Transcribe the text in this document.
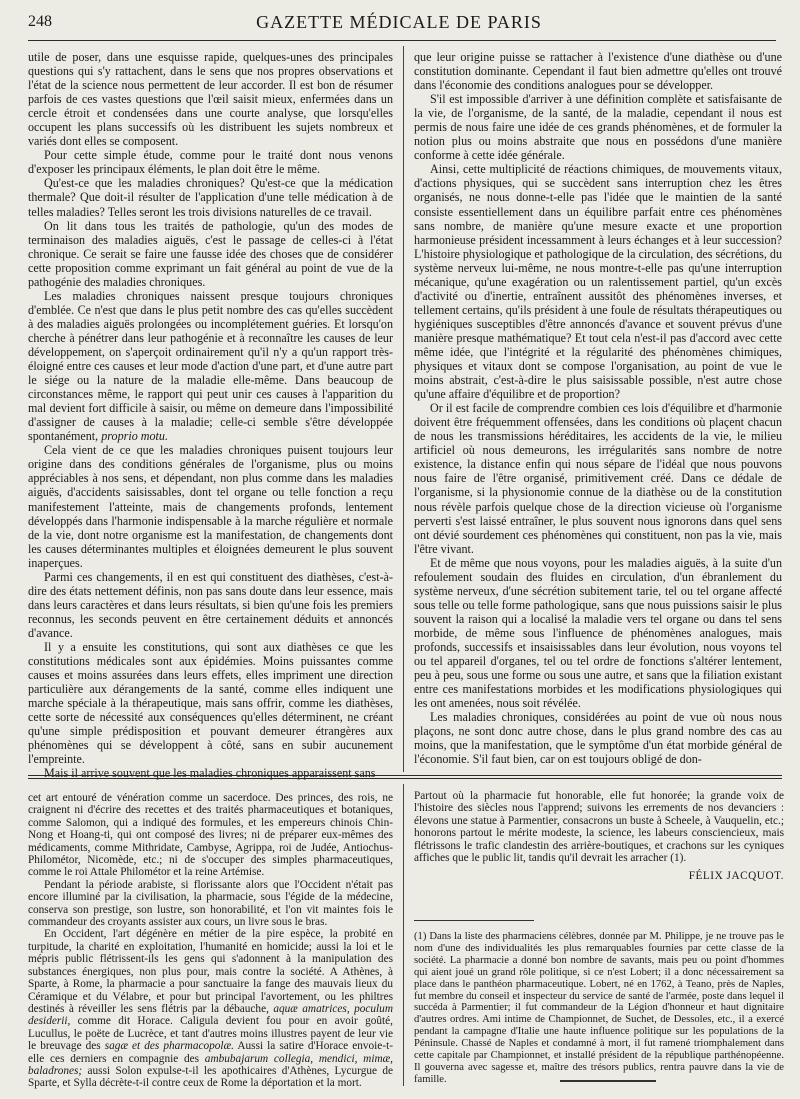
248	GAZETTE MÉDICALE DE PARIS

utile de poser, dans une esquisse rapide, quelques-unes des principales questions qui s'y rattachent, dans le sens que nos propres observations et l'état de la science nous permettent de leur accorder. Il est bon de résumer parfois de ces vastes questions que l'œil saisit mieux, enfermées dans un cercle étroit et condensées dans une courte analyse, que lorsqu'elles occupent les plans successifs où les distribuent les sujets nombreux et variés dont elles se composent.

Pour cette simple étude, comme pour le traité dont nous venons d'exposer les principaux éléments, le plan doit être le même.

Qu'est-ce que les maladies chroniques? Qu'est-ce que la médication thermale? Que doit-il résulter de l'application d'une telle médication à de telles maladies? Telles seront les trois divisions naturelles de ce travail.

On lit dans tous les traités de pathologie, qu'un des modes de terminaison des maladies aiguës, c'est le passage de celles-ci à l'état chronique. Ce serait se faire une fausse idée des choses que de considérer cette proposition comme exprimant un fait général au point de vue de la pathogénie des maladies chroniques.

Les maladies chroniques naissent presque toujours chroniques d'emblée. Ce n'est que dans le plus petit nombre des cas qu'elles succèdent à des maladies aiguës prolongées ou incomplétement guéries. Et lorsqu'on cherche à pénétrer dans leur pathogénie et à reconnaître les causes de leur développement, on s'aperçoit ordinairement qu'il n'y a qu'un rapport très-éloigné entre ces causes et leur mode d'action d'une part, et d'une autre part le siége ou la nature de la maladie elle-même. Dans beaucoup de circonstances même, le rapport qui peut unir ces causes à l'apparition du mal devient fort difficile à saisir, ou même on demeure dans l'impossibilité d'assigner de causes à la maladie; celle-ci semble s'être développée spontanément, proprio motu.

Cela vient de ce que les maladies chroniques puisent toujours leur origine dans des conditions générales de l'organisme, plus ou moins appréciables à nos sens, et dépendant, non plus comme dans les maladies aiguës, d'accidents saisissables, dont tel organe ou telle fonction a reçu manifestement l'atteinte, mais de changements profonds, lentement développés dans l'harmonie indispensable à la marche régulière et normale de la vie, dont notre organisme est la manifestation, de changements dont les causes déterminantes multiples et éloignées demeurent le plus souvent inaperçues.

Parmi ces changements, il en est qui constituent des diathèses, c'est-à-dire des états nettement définis, non pas sans doute dans leur essence, mais dans leurs caractères et dans leurs résultats, si bien qu'une fois les premiers reconnus, les seconds peuvent en être certainement déduits et annoncés d'avance.

Il y a ensuite les constitutions, qui sont aux diathèses ce que les constitutions médicales sont aux épidémies. Moins puissantes comme causes et moins assurées dans leurs effets, elles impriment une direction particulière aux dérangements de la santé, comme elles indiquent une marche spéciale à la thérapeutique, mais sans offrir, comme les diathèses, cette sorte de nécessité aux conséquences qu'elles déterminent, ne créant qu'une simple prédisposition et pouvant demeurer étrangères aux phénomènes qui se développent à côté, sans en subir aucunement l'empreinte.

Mais il arrive souvent que les maladies chroniques apparaissent sans

que leur origine puisse se rattacher à l'existence d'une diathèse ou d'une constitution dominante. Cependant il faut bien admettre qu'elles ont trouvé dans l'économie des conditions analogues pour se développer.

S'il est impossible d'arriver à une définition complète et satisfaisante de la vie, de l'organisme, de la santé, de la maladie, cependant il nous est permis de nous faire une idée de ces grands phénomènes, et de formuler la notion plus ou moins abstraite que nous en possédons d'une manière conforme à cette idée générale.

Ainsi, cette multiplicité de réactions chimiques, de mouvements vitaux, d'actions physiques, qui se succèdent sans interruption chez les êtres organisés, ne nous donne-t-elle pas l'idée que le maintien de la santé consiste essentiellement dans un équilibre parfait entre ces phénomènes sans nombre, de manière qu'une mesure exacte et une proportion harmonieuse président incessamment à leurs échanges et à leur succession? L'histoire physiologique et pathologique de la circulation, des sécrétions, du système nerveux lui-même, ne nous montre-t-elle pas qu'une interruption mécanique, qu'une exagération ou un ralentissement partiel, qu'un excès d'activité ou d'inertie, entraînent aussitôt des phénomènes inverses, et tellement certains, qu'ils président à une foule de résultats thérapeutiques ou hygiéniques susceptibles d'être annoncés d'avance et souvent prévus d'une manière presque mathématique? Et tout cela n'est-il pas d'accord avec cette même idée, que l'intégrité et la régularité des phénomènes chimiques, physiques et vitaux dont se compose l'organisation, au point de vue le moins abstrait, c'est-à-dire le plus saisissable possible, n'est autre chose qu'une affaire d'équilibre et de proportion?

Or il est facile de comprendre combien ces lois d'équilibre et d'harmonie doivent être fréquemment offensées, dans les conditions où plaçent chacun de nous les transmissions héréditaires, les accidents de la vie, le milieu artificiel où nous demeurons, les irrégularités sans nombre de notre existence, la distance enfin qui nous sépare de l'idéal que nous pouvons nous faire de l'être organisé, primitivement créé. Dans ce dédale de l'organisme, si la physionomie connue de la diathèse ou de la constitution nous révèle parfois quelque chose de la direction vicieuse où l'organisme perverti s'est laissé entraîner, le plus souvent nous ignorons dans quel sens ont dévié sourdement ces phénomènes qui constituent, non pas la vie, mais l'être vivant.

Et de même que nous voyons, pour les maladies aiguës, à la suite d'un refoulement soudain des fluides en circulation, d'un ébranlement du système nerveux, d'une sécrétion subitement tarie, tel ou tel organe affecté sous telle ou telle forme pathologique, sans que nous puissions saisir le plus souvent la raison qui a localisé la maladie vers tel organe ou dans tel sens morbide, de même sous l'influence de phénomènes analogues, mais profonds, successifs et insaisissables dans leur évolution, nous voyons tel ou tel appareil d'organes, tel ou tel ordre de fonctions s'altérer lentement, peu à peu, sous une forme ou sous une autre, et sans que la filiation existant entre ces manifestations morbides et les modifications physiologiques qui les ont amenées, nous soit révélée.

Les maladies chroniques, considérées au point de vue où nous nous plaçons, ne sont donc autre chose, dans le plus grand nombre des cas au moins, que la manifestation, que le symptôme d'un état morbide général de l'économie. S'il faut bien, car on est toujours obligé de don-

cet art entouré de vénération comme un sacerdoce. Des princes, des rois, ne craignent ni d'écrire des recettes et des traités pharmaceutiques et botaniques, comme Salomon, qui a indiqué des formules, et les empereurs chinois Chin-Nong et Hoang-ti, qui ont composé des livres; ni de préparer eux-mêmes des médicaments, comme Mithridate, Cambyse, Agrippa, roi de Judée, Antiochus-Philométor, Nicomède, etc.; ni de s'occuper des simples pharmaceutiques, comme le roi Attale Philométor et la reine Artémise.

Pendant la période arabiste, si florissante alors que l'Occident n'était pas encore illuminé par la civilisation, la pharmacie, sous l'égide de la médecine, conserva son prestige, son lustre, son honorabilité, et l'on vit maintes fois le commandeur des croyants assister aux cours, un livre sous le bras.

En Occident, l'art dégénère en métier de la pire espèce, la probité en turpitude, la charité en exploitation, l'humanité en homicide; aussi la loi et le mépris public flétrissent-ils les gens qui s'adonnent à la manipulation des substances énergiques, non plus pour, mais contre la société. A Athènes, à Sparte, à Rome, la pharmacie a pour sanctuaire la fange des mauvais lieux du Céramique et du Vélabre, et pour but principal l'avortement, ou les philtres destinés à réveiller les sens flétris par la débauche, aquæ amatrices, poculum desiderii, comme dit Horace. Caligula devient fou pour en avoir goûté, Lucullus, le poëte de Lucrèce, et tant d'autres moins illustres payent de leur vie le breuvage des sagæ et des pharmacopolæ. Aussi la satire d'Horace envoie-t-elle ces derniers en compagnie des ambubajarum collegia, mendici, mimæ, baladrones; aussi Solon expulse-t-il les apothicaires d'Athènes, Lycurgue de Sparte, et Sylla décrète-t-il contre ceux de Rome la déportation et la mort.

Partout où la pharmacie fut honorable, elle fut honorée; la grande voix de l'histoire des siècles nous l'apprend; suivons les errements de nos devanciers : élevons une statue à Parmentier, consacrons un buste à Scheele, à Vauquelin, etc.; honorons partout le mérite modeste, la science, les labeurs consciencieux, mais flétrissons le trafic clandestin des arrière-boutiques, et crachons sur les cyniques affiches que le public lit, tandis qu'il devrait les arracher (1).

FÉLIX JACQUOT.

(1) Dans la liste des pharmaciens célèbres, donnée par M. Philippe, je ne trouve pas le nom d'une des individualités les plus remarquables fournies par cette classe de la société. La pharmacie a donné bon nombre de savants, mais peu ou point d'hommes qui aient joué un grand rôle politique, si ce n'est Lobert; il a donc nécessairement sa place dans le panthéon pharmaceutique. Lobert, né en 1762, à Teano, près de Naples, fut membre du conseil et inspecteur du service de santé de l'armée, poste dans lequel il succéda à Parmentier; il fut commandeur de la Légion d'honneur et haut dignitaire d'autres ordres. Ami intime de Championnet, de Suchet, de Dessoles, etc., il a exercé pendant la campagne d'Italie une haute influence politique sur les populations de la Péninsule. Chassé de Naples et condamné à mort, il fut ramené triomphalement dans cette capitale par Championnet, et installé président de la république parthénopéenne. Il gouverna avec sagesse et, maître des trésors publics, rentra pauvre dans la vie de famille.
